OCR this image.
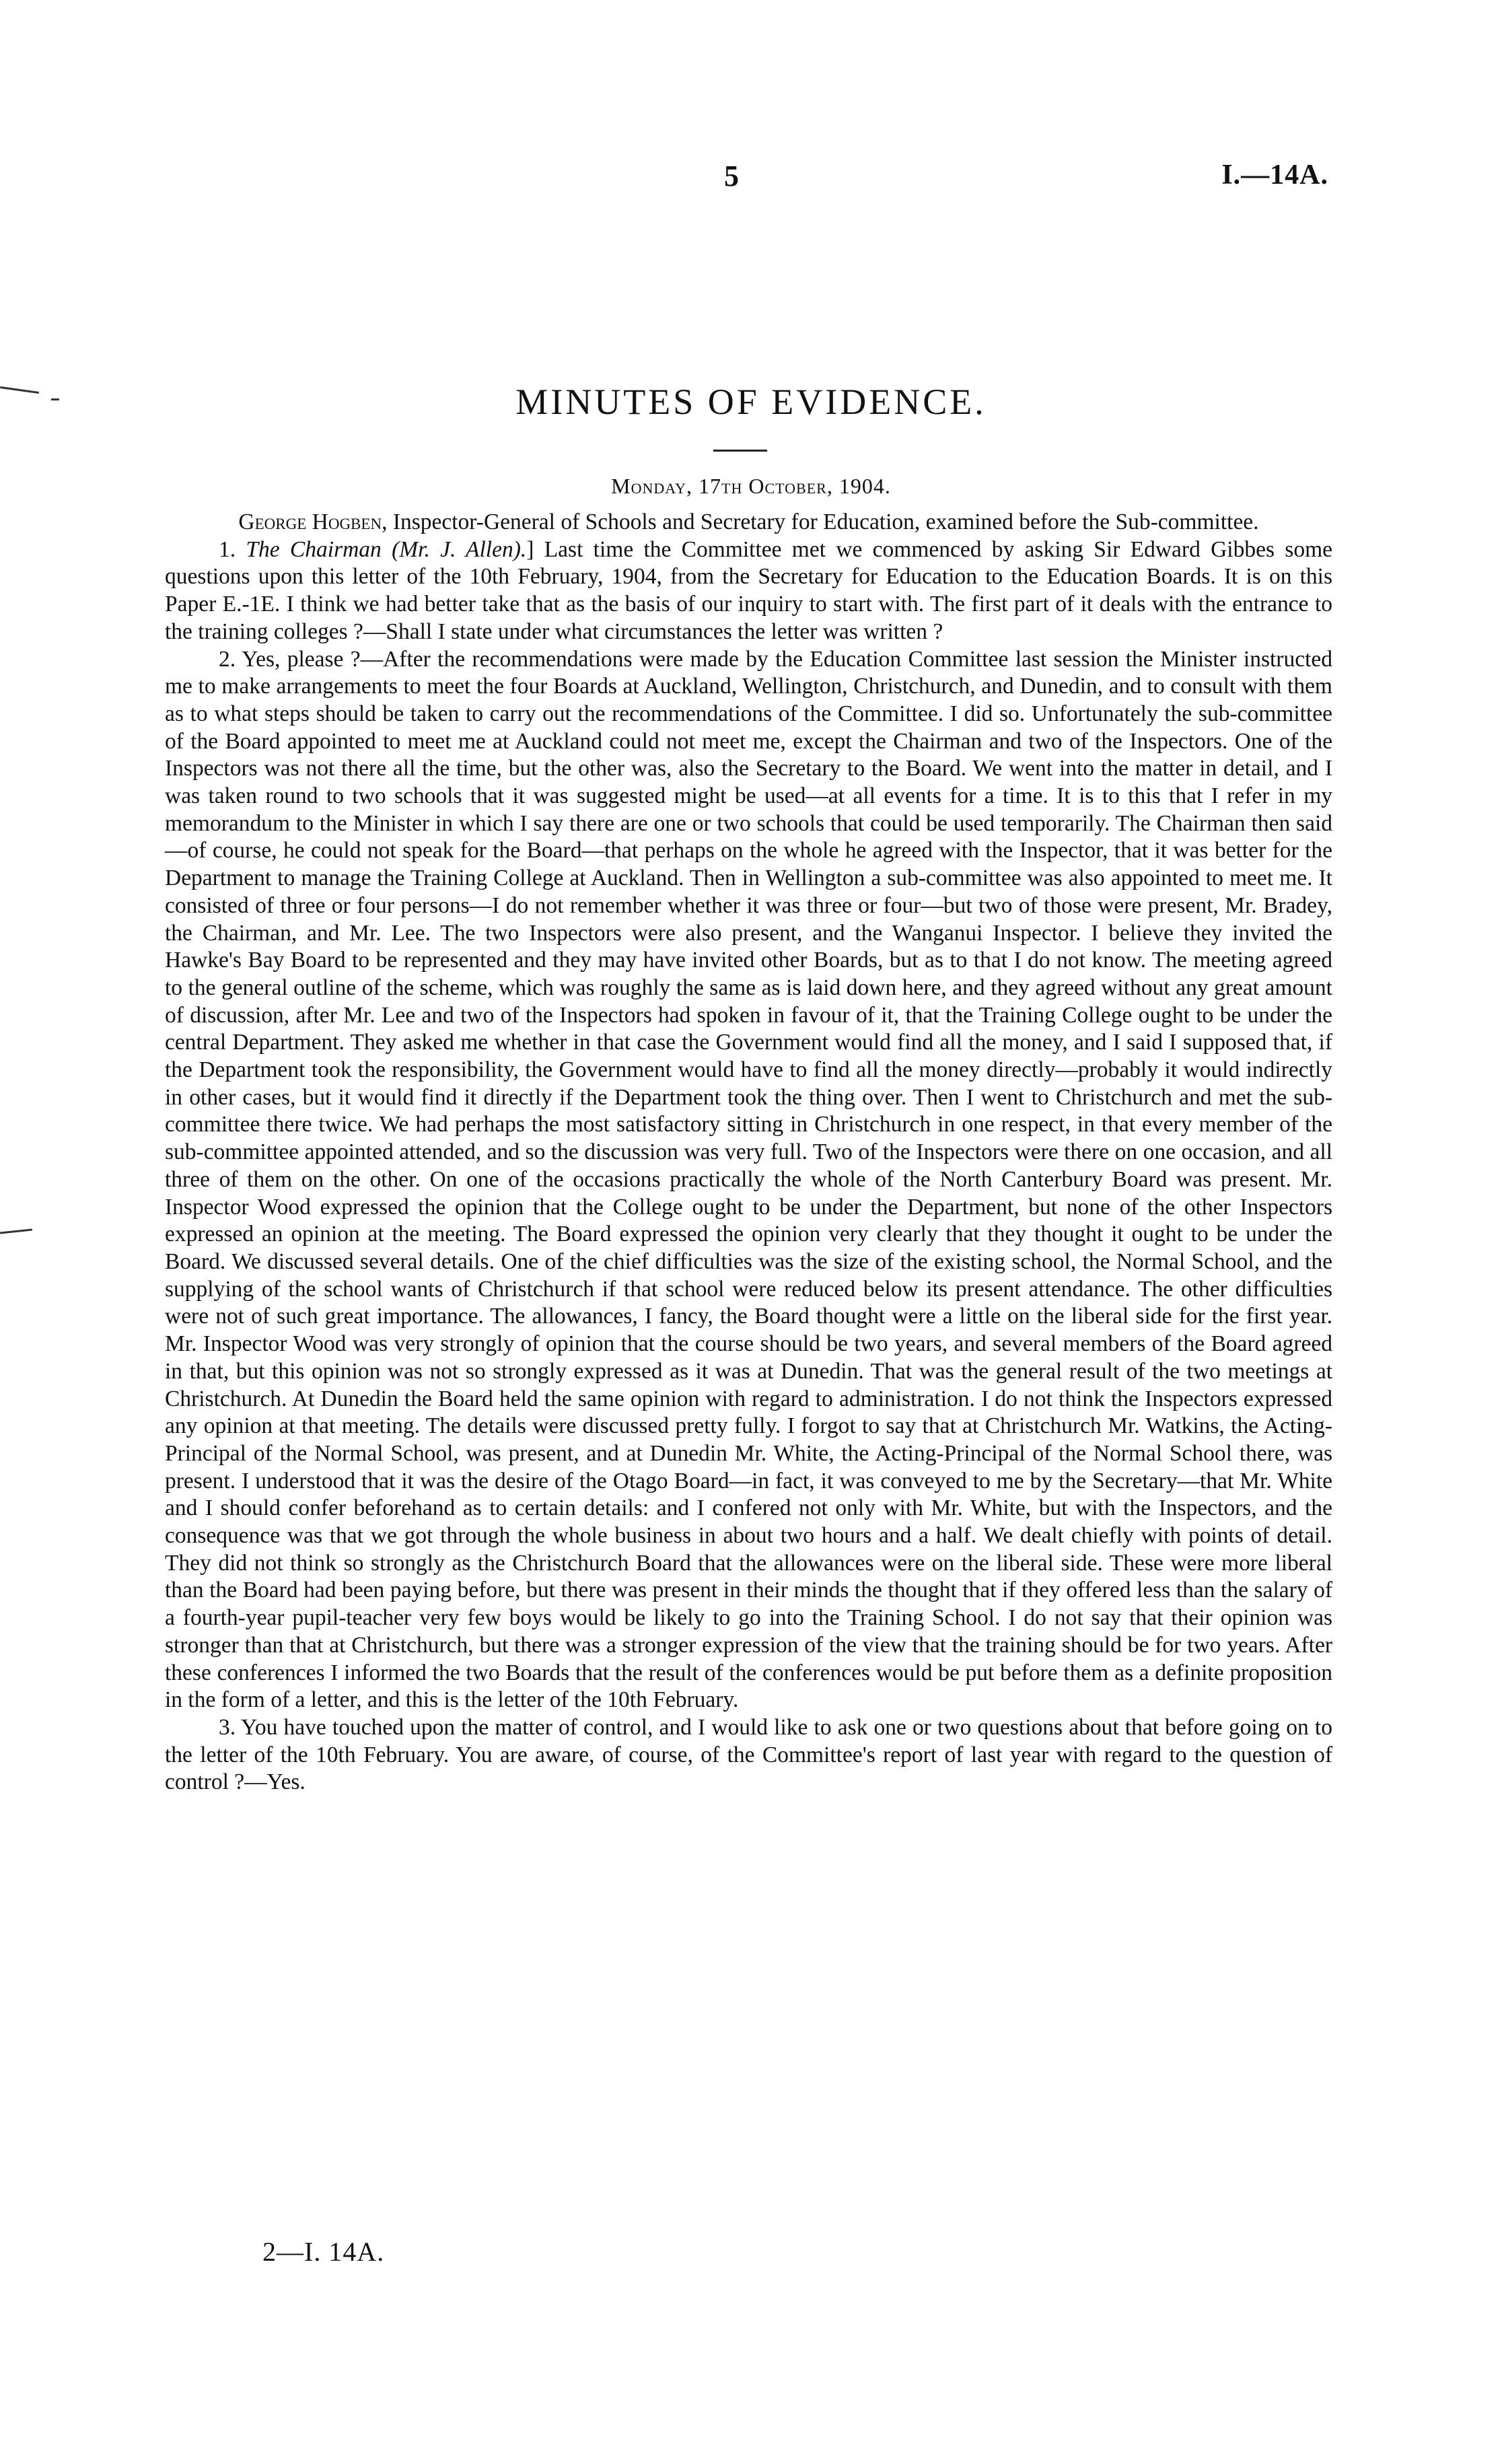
5	I.—14A.
MINUTES OF EVIDENCE.
Monday, 17th October, 1904.

George Hogben, Inspector-General of Schools and Secretary for Education, examined before the Sub-committee.

1. The Chairman (Mr. J. Allen).] Last time the Committee met we commenced by asking Sir Edward Gibbes some questions upon this letter of the 10th February, 1904, from the Secretary for Education to the Education Boards. It is on this Paper E.-1E. I think we had better take that as the basis of our inquiry to start with. The first part of it deals with the entrance to the training colleges ?—Shall I state under what circumstances the letter was written ?

2. Yes, please ?—After the recommendations were made by the Education Committee last session the Minister instructed me to make arrangements to meet the four Boards at Auckland, Wellington, Christchurch, and Dunedin, and to consult with them as to what steps should be taken to carry out the recommendations of the Committee. I did so. Unfortunately the sub-committee of the Board appointed to meet me at Auckland could not meet me, except the Chairman and two of the Inspectors. One of the Inspectors was not there all the time, but the other was, also the Secretary to the Board. We went into the matter in detail, and I was taken round to two schools that it was suggested might be used—at all events for a time. It is to this that I refer in my memorandum to the Minister in which I say there are one or two schools that could be used temporarily. The Chairman then said—of course, he could not speak for the Board—that perhaps on the whole he agreed with the Inspector, that it was better for the Department to manage the Training College at Auckland. Then in Wellington a sub-committee was also appointed to meet me. It consisted of three or four persons—I do not remember whether it was three or four—but two of those were present, Mr. Bradey, the Chairman, and Mr. Lee. The two Inspectors were also present, and the Wanganui Inspector. I believe they invited the Hawke's Bay Board to be represented and they may have invited other Boards, but as to that I do not know. The meeting agreed to the general outline of the scheme, which was roughly the same as is laid down here, and they agreed without any great amount of discussion, after Mr. Lee and two of the Inspectors had spoken in favour of it, that the Training College ought to be under the central Department. They asked me whether in that case the Government would find all the money, and I said I supposed that, if the Department took the responsibility, the Government would have to find all the money directly—probably it would indirectly in other cases, but it would find it directly if the Department took the thing over. Then I went to Christchurch and met the sub-committee there twice. We had perhaps the most satisfactory sitting in Christchurch in one respect, in that every member of the sub-committee appointed attended, and so the discussion was very full. Two of the Inspectors were there on one occasion, and all three of them on the other. On one of the occasions practically the whole of the North Canterbury Board was present. Mr. Inspector Wood expressed the opinion that the College ought to be under the Department, but none of the other Inspectors expressed an opinion at the meeting. The Board expressed the opinion very clearly that they thought it ought to be under the Board. We discussed several details. One of the chief difficulties was the size of the existing school, the Normal School, and the supplying of the school wants of Christchurch if that school were reduced below its present attendance. The other difficulties were not of such great importance. The allowances, I fancy, the Board thought were a little on the liberal side for the first year. Mr. Inspector Wood was very strongly of opinion that the course should be two years, and several members of the Board agreed in that, but this opinion was not so strongly expressed as it was at Dunedin. That was the general result of the two meetings at Christchurch. At Dunedin the Board held the same opinion with regard to administration. I do not think the Inspectors expressed any opinion at that meeting. The details were discussed pretty fully. I forgot to say that at Christchurch Mr. Watkins, the Acting-Principal of the Normal School, was present, and at Dunedin Mr. White, the Acting-Principal of the Normal School there, was present. I understood that it was the desire of the Otago Board—in fact, it was conveyed to me by the Secretary—that Mr. White and I should confer beforehand as to certain details: and I confered not only with Mr. White, but with the Inspectors, and the consequence was that we got through the whole business in about two hours and a half. We dealt chiefly with points of detail. They did not think so strongly as the Christchurch Board that the allowances were on the liberal side. These were more liberal than the Board had been paying before, but there was present in their minds the thought that if they offered less than the salary of a fourth-year pupil-teacher very few boys would be likely to go into the Training School. I do not say that their opinion was stronger than that at Christchurch, but there was a stronger expression of the view that the training should be for two years. After these conferences I informed the two Boards that the result of the conferences would be put before them as a definite proposition in the form of a letter, and this is the letter of the 10th February.

3. You have touched upon the matter of control, and I would like to ask one or two questions about that before going on to the letter of the 10th February. You are aware, of course, of the Committee's report of last year with regard to the question of control ?—Yes.

2—I. 14A.
